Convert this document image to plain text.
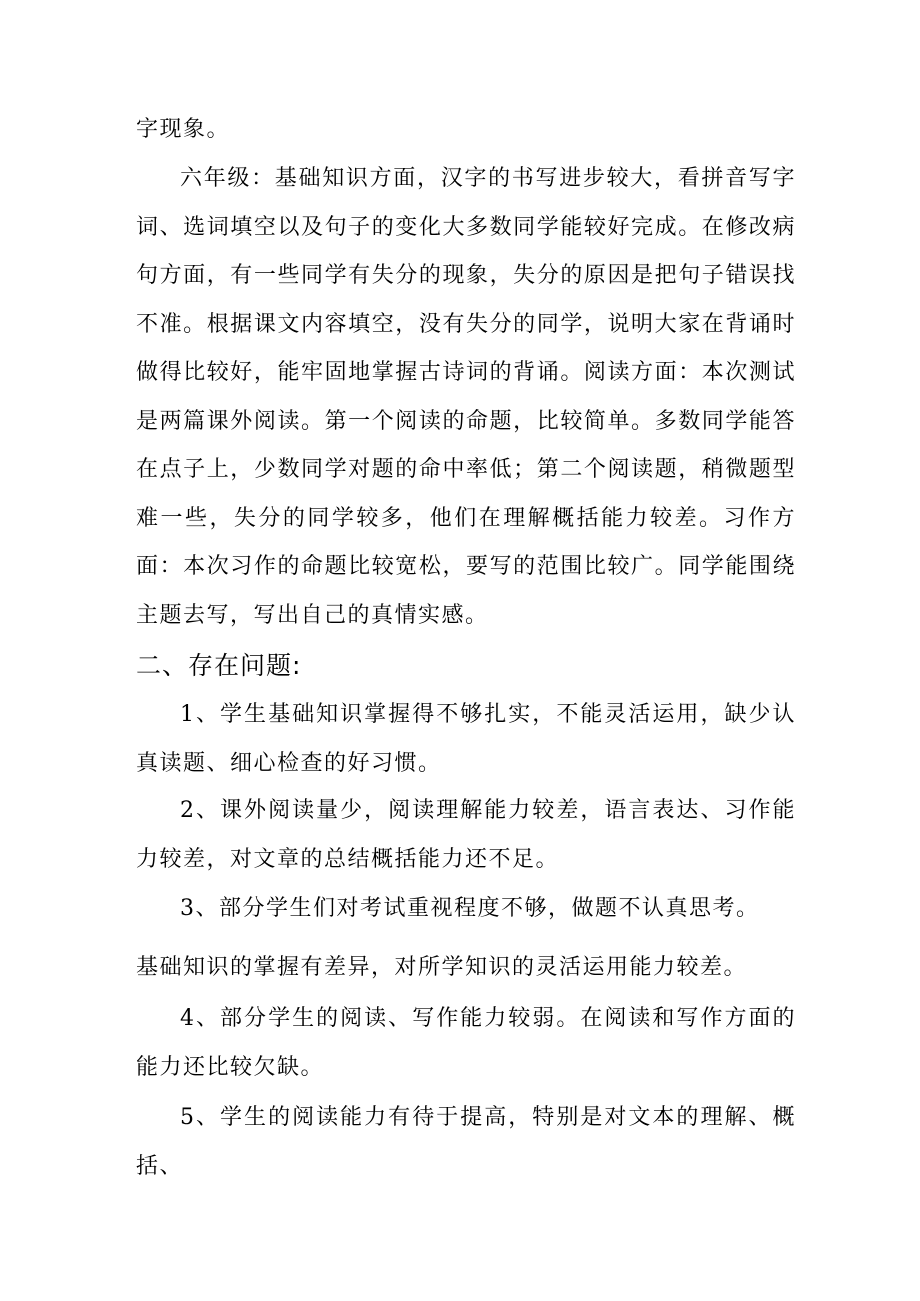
字现象。

六年级：基础知识方面，汉字的书写进步较大，看拼音写字词、选词填空以及句子的变化大多数同学能较好完成。在修改病句方面，有一些同学有失分的现象，失分的原因是把句子错误找不准。根据课文内容填空，没有失分的同学，说明大家在背诵时做得比较好，能牢固地掌握古诗词的背诵。阅读方面：本次测试是两篇课外阅读。第一个阅读的命题，比较简单。多数同学能答在点子上，少数同学对题的命中率低；第二个阅读题，稍微题型难一些，失分的同学较多，他们在理解概括能力较差。习作方面：本次习作的命题比较宽松，要写的范围比较广。同学能围绕主题去写，写出自己的真情实感。

二、存在问题:

1、学生基础知识掌握得不够扎实，不能灵活运用，缺少认真读题、细心检查的好习惯。

2、课外阅读量少，阅读理解能力较差，语言表达、习作能力较差，对文章的总结概括能力还不足。

3、部分学生们对考试重视程度不够，做题不认真思考。

基础知识的掌握有差异，对所学知识的灵活运用能力较差。

4、部分学生的阅读、写作能力较弱。在阅读和写作方面的能力还比较欠缺。

5、学生的阅读能力有待于提高，特别是对文本的理解、概括、
